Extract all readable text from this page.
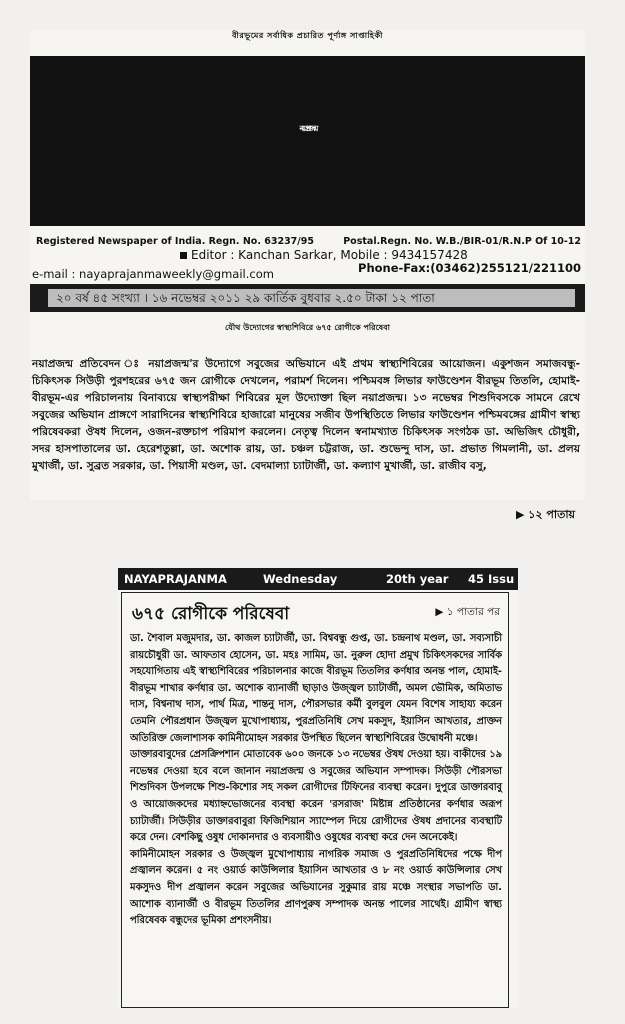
বীরভূমের সর্বাধিক প্রচারিত পূর্ণাঙ্গ সাপ্তাহিকী
নয়াপ্রজন্ম
Registered Newspaper of India. Regn. No. 63237/95	Postal.Regn. No. W.B./BIR-01/R.N.P Of 10-12
Editor : Kanchan Sarkar, Mobile : 9434157428
e-mail : nayaprajanmaweekly@gmail.com	Phone-Fax:(03462)255121/221100
২০ বর্ষ ৪৫ সংখ্যা । ১৬ নভেম্বর ২০১১ ২৯ কার্তিক বুধবার ২.৫০ টাকা ১২ পাতা
যৌথ উদ্যোগের স্বাস্থ্যশিবিরে ৬৭৫ রোগীকে পরিষেবা
নয়াপ্রজন্ম প্রতিবেদন ঃ নয়াপ্রজন্ম'র উদ্যোগে সবুজের অভিযানে এই প্রথম স্বাস্থ্যশিবিরের আয়োজন। একুশজন সমাজবন্ধু-চিকিৎসক সিউড়ী পুরশহরের ৬৭৫ জন রোগীকে দেখলেন, পরামর্শ দিলেন। পশ্চিমবঙ্গ লিভার ফাউণ্ডেশন বীরভূম তিতলি, হোমাই-বীরভূম-এর পরিচালনায় বিনাব্যয়ে স্বাস্থ্যপরীক্ষা শিবিরের মূল উদ্যোক্তা ছিল নয়াপ্রজন্ম। ১৩ নভেম্বর শিশুদিবসকে সামনে রেখে সবুজের অভিযান প্রাঙ্গণে সারাদিনের স্বাস্থ্যশিবিরে হাজারো মানুষের সজীব উপস্থিতিতে লিভার ফাউণ্ডেশন পশ্চিমবঙ্গের গ্রামীণ স্বাস্থ্য পরিষেবকরা ঔষধ দিলেন, ওজন-রক্তচাপ পরিমাপ করলেন। নেতৃত্ব দিলেন স্বনামখ্যাত চিকিৎসক সংগঠক ডা. অভিজিৎ চৌধুরী, সদর হাসপাতালের ডা. হেরেশতুল্লা, ডা. অশোক রায়, ডা. চঞ্চল চট্টরাজ, ডা. শুভেন্দু দাস, ডা. প্রভাত গিমলানী, ডা. প্রলয় মুখার্জী, ডা. সুব্রত সরকার, ডা. পিয়াসী মণ্ডল, ডা. বেদমাল্যা চ্যাটার্জী, ডা. কল্যাণ মুখার্জী, ডা. রাজীব বসু,
▶ ১২ পাতায়
NAYAPRAJANMA	Wednesday	20th year 45 Issu
৬৭৫ রোগীকে পরিষেবা	▶ ১ পাতার পর

ডা. শৈবাল মজুমদার, ডা. কাজল চ্যাটার্জী, ডা. বিশ্ববন্ধু গুপ্ত, ডা. চন্দ্রনাথ মণ্ডল, ডা. সব্যসাচী রায়চৌধুরী ডা. আফতাব হোসেন, ডা. মহঃ সামিম, ডা. নুরুল হোদা প্রমুখ চিকিৎসকদের সার্বিক সহযোগিতায় এই স্বাস্থ্যশিবিরের পরিচালনার কাজে বীরভূম তিতলির কর্ণধার অনন্ত পাল, হোমাই- বীরভূম শাখার কর্ণধার ডা. অশোক ব্যানার্জী ছাড়াও উজ্জ্বল চ্যাটার্জী, অমল ভৌমিক, অমিতাভ দাস, বিশ্বনাথ দাস, পার্থ মিত্র, শান্তনু দাস, পৌরসভার কর্মী বুলবুল যেমন বিশেষ সাহায্য করেন তেমনি পৌরপ্রধান উজ্জ্বল মুখোপাধ্যায়, পুরপ্রতিনিধি সেখ মকসুদ, ইয়াসিন আখতার, প্রাক্তন অতিরিক্ত জেলাশাসক কামিনীমোহন সরকার উপস্থিত ছিলেন স্বাস্থ্যশিবিরের উদ্বোধনী মঞ্চে।

ডাক্তারবাবুদের প্রেসক্রিপশান মোতাবেক ৬০০ জনকে ১৩ নভেম্বর ঔষধ দেওয়া হয়। বাকীদের ১৯ নভেম্বর দেওয়া হবে বলে জানান নয়াপ্রজন্ম ও সবুজের অভিযান সম্পাদক। সিউড়ী পৌরসভা শিশুদিবস উপলক্ষে শিশু-কিশোর সহ সকল রোগীদের টিফিনের ব্যবস্থা করেন। দুপুরে ডাক্তারবাবু ও আয়োজকদের মধ্যাহ্নভোজনের ব্যবস্থা করেন 'রসরাজ' মিষ্টান্ন প্রতিষ্ঠানের কর্ণধার অরূপ চ্যাটার্জী। সিউড়ীর ডাক্তারবাবুরা ফিজিশিয়ান স্যাম্পেল দিয়ে রোগীদের ঔষধ প্রদানের ব্যবস্থাটি করে দেন। বেশকিছু ওষুধ দোকানদার ও ব্যবসায়ীও ওষুধের ব্যবস্থা করে দেন অনেকেই।

কামিনীমোহন সরকার ও উজ্জ্বল মুখোপাধ্যায় নাগরিক সমাজ ও পুরপ্রতিনিধিদের পক্ষে দীপ প্রজ্বালন করেন। ৫ নং ওয়ার্ড কাউন্সিলার ইয়াসিন আখতার ও ৮ নং ওয়ার্ড কাউন্সিলার সেখ মকসুদও দীপ প্রজ্বালন করেন সবুজের অভিযানের সুকুমার রায় মঞ্চে সংস্থার সভাপতি ডা. আশোক ব্যানার্জী ও বীরভূম তিতলির প্রাণপুরুষ সম্পাদক অনন্ত পালের সাথেই। গ্রামীণ স্বাস্থ্য পরিষেবক বন্ধুদের ভূমিকা প্রশংসনীয়।
